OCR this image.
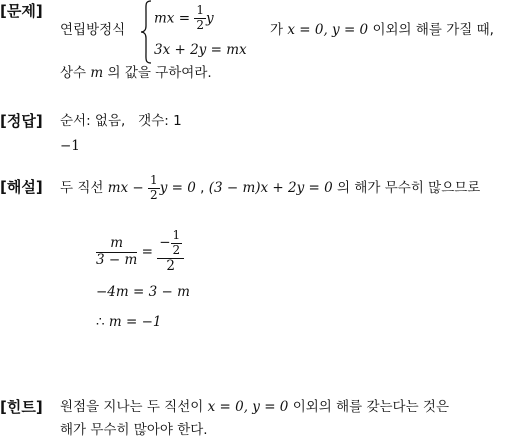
[문제]
연립방정식
mx = $\frac{1}{2}$ y
3x + 2y = mx
가 x = 0, y = 0 이외의 해를 가질 때,
상수 m 의 값을 구하여라.
[정답] 순서: 없음, 갯수: 1
−1
[해설] 두 직선 mx − $\frac{1}{2}$ y = 0 , (3 − m)x + 2y = 0 의 해가 무수히 많으므로
$\frac{m}{3 - m} = \frac{- \frac{1}{2}}{2}$
−4m = 3 − m
∴ m = −1
[힌트] 원점을 지나는 두 직선이 x = 0, y = 0 이외의 해를 갖는다는 것은
해가 무수히 많아야 한다.
